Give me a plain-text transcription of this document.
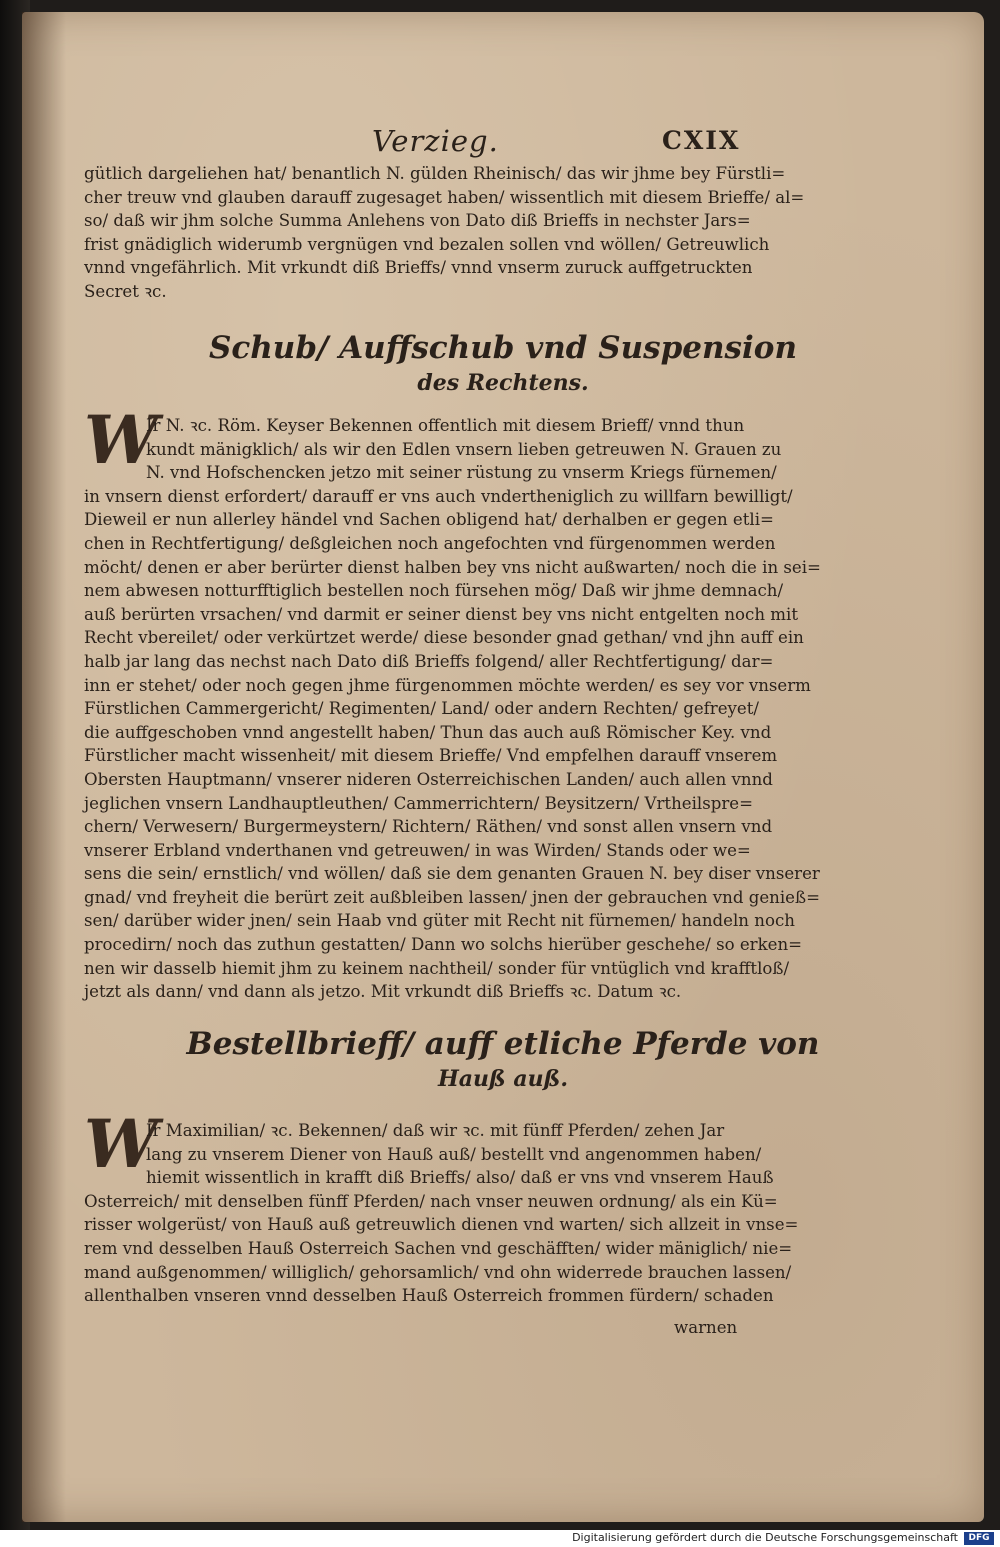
Verzieg.	CXIX
gütlich dargeliehen hat/ benantlich N. gülden Rheinisch/ das wir jhme bey Fürstli=
cher treuw vnd glauben darauff zugesaget haben/ wissentlich mit diesem Brieffe/ al=
so/ daß wir jhm solche Summa Anlehens von Dato diß Brieffs in nechster Jars=
frist gnädiglich widerumb vergnügen vnd bezalen sollen vnd wöllen/ Getreuwlich
vnnd vngefährlich. Mit vrkundt diß Brieffs/ vnnd vnserm zuruck auffgetruckten
Secret ꝛc.
Schub/ Auffschub vnd Suspension
des Rechtens.
W
Ir N. ꝛc. Röm. Keyser Bekennen offentlich mit diesem Brieff/ vnnd thun
kundt mänigklich/ als wir den Edlen vnsern lieben getreuwen N. Grauen zu
N. vnd Hofschencken jetzo mit seiner rüstung zu vnserm Kriegs fürnemen/
in vnsern dienst erfordert/ darauff er vns auch vndertheniglich zu willfarn bewilligt/
Dieweil er nun allerley händel vnd Sachen obligend hat/ derhalben er gegen etli=
chen in Rechtfertigung/ deßgleichen noch angefochten vnd fürgenommen werden
möcht/ denen er aber berürter dienst halben bey vns nicht außwarten/ noch die in sei=
nem abwesen notturfftiglich bestellen noch fürsehen mög/ Daß wir jhme demnach/
auß berürten vrsachen/ vnd darmit er seiner dienst bey vns nicht entgelten noch mit
Recht vbereilet/ oder verkürtzet werde/ diese besonder gnad gethan/ vnd jhn auff ein
halb jar lang das nechst nach Dato diß Brieffs folgend/ aller Rechtfertigung/ dar=
inn er stehet/ oder noch gegen jhme fürgenommen möchte werden/ es sey vor vnserm
Fürstlichen Cammergericht/ Regimenten/ Land/ oder andern Rechten/ gefreyet/
die auffgeschoben vnnd angestellt haben/ Thun das auch auß Römischer Key. vnd
Fürstlicher macht wissenheit/ mit diesem Brieffe/ Vnd empfelhen darauff vnserem
Obersten Hauptmann/ vnserer nideren Osterreichischen Landen/ auch allen vnnd
jeglichen vnsern Landhauptleuthen/ Cammerrichtern/ Beysitzern/ Vrtheilspre=
chern/ Verwesern/ Burgermeystern/ Richtern/ Räthen/ vnd sonst allen vnsern vnd
vnserer Erbland vnderthanen vnd getreuwen/ in was Wirden/ Stands oder we=
sens die sein/ ernstlich/ vnd wöllen/ daß sie dem genanten Grauen N. bey diser vnserer
gnad/ vnd freyheit die berürt zeit außbleiben lassen/ jnen der gebrauchen vnd genieß=
sen/ darüber wider jnen/ sein Haab vnd güter mit Recht nit fürnemen/ handeln noch
procedirn/ noch das zuthun gestatten/ Dann wo solchs hierüber geschehe/ so erken=
nen wir dasselb hiemit jhm zu keinem nachtheil/ sonder für vntüglich vnd krafftloß/
jetzt als dann/ vnd dann als jetzo. Mit vrkundt diß Brieffs ꝛc. Datum ꝛc.
Bestellbrieff/ auff etliche Pferde von
Hauß auß.
W
Ir Maximilian/ ꝛc. Bekennen/ daß wir ꝛc. mit fünff Pferden/ zehen Jar
lang zu vnserem Diener von Hauß auß/ bestellt vnd angenommen haben/
hiemit wissentlich in krafft diß Brieffs/ also/ daß er vns vnd vnserem Hauß
Osterreich/ mit denselben fünff Pferden/ nach vnser neuwen ordnung/ als ein Kü=
risser wolgerüst/ von Hauß auß getreuwlich dienen vnd warten/ sich allzeit in vnse=
rem vnd desselben Hauß Osterreich Sachen vnd geschäfften/ wider mäniglich/ nie=
mand außgenommen/ williglich/ gehorsamlich/ vnd ohn widerrede brauchen lassen/
allenthalben vnseren vnnd desselben Hauß Osterreich frommen fürdern/ schaden
warnen
Digitalisierung gefördert durch die Deutsche Forschungsgemeinschaft	DFG
